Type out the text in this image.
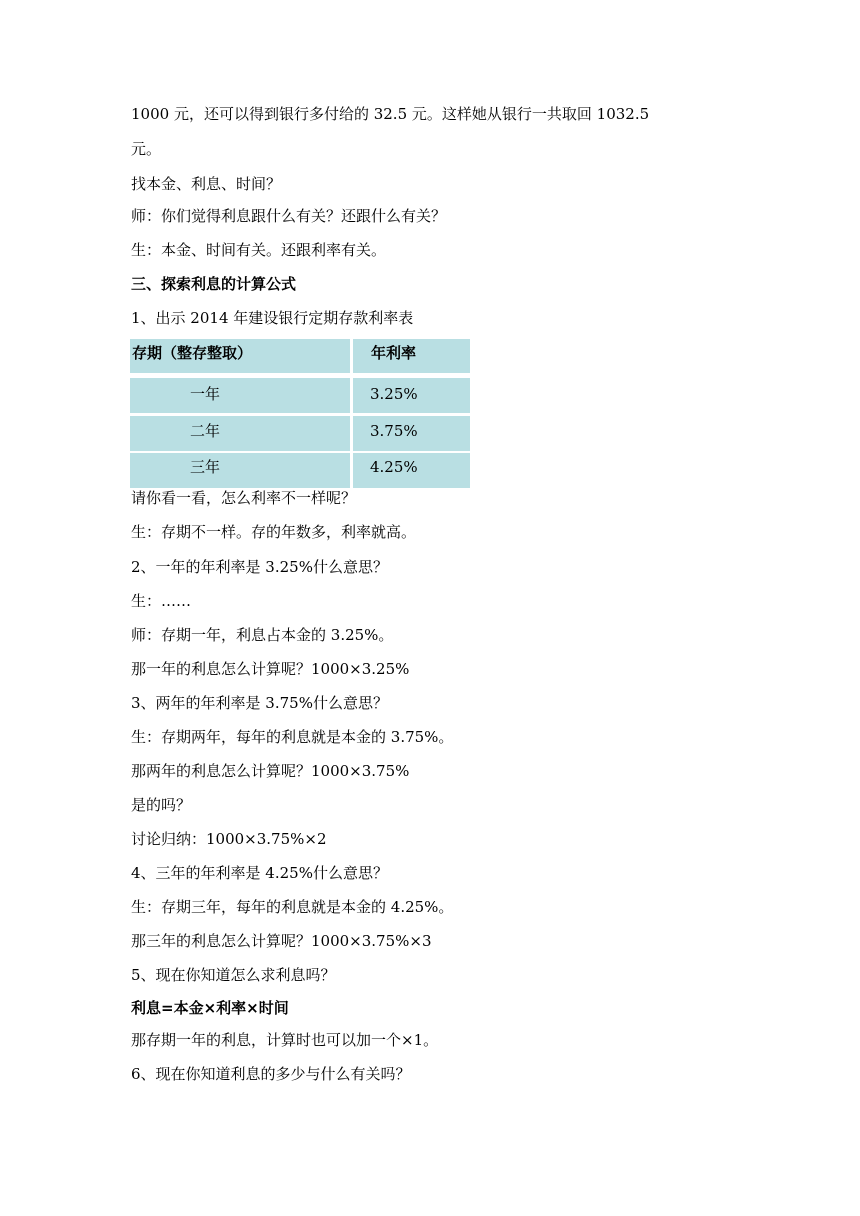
1000 元，还可以得到银行多付给的 32.5 元。这样她从银行一共取回 1032.5
元。
找本金、利息、时间？
师：你们觉得利息跟什么有关？还跟什么有关？
生：本金、时间有关。还跟利率有关。
三、探索利息的计算公式
1、出示 2014 年建设银行定期存款利率表
存期（整存整取）	年利率
一年	3.25%
二年	3.75%
三年	4.25%
请你看一看，怎么利率不一样呢？
生：存期不一样。存的年数多，利率就高。
2、一年的年利率是 3.25%什么意思？
生：……
师：存期一年，利息占本金的 3.25%。
那一年的利息怎么计算呢？1000×3.25%
3、两年的年利率是 3.75%什么意思？
生：存期两年，每年的利息就是本金的 3.75%。
那两年的利息怎么计算呢？1000×3.75%
是的吗？
讨论归纳：1000×3.75%×2
4、三年的年利率是 4.25%什么意思？
生：存期三年，每年的利息就是本金的 4.25%。
那三年的利息怎么计算呢？1000×3.75%×3
5、现在你知道怎么求利息吗？
利息=本金×利率×时间
那存期一年的利息，计算时也可以加一个×1。
6、现在你知道利息的多少与什么有关吗？
